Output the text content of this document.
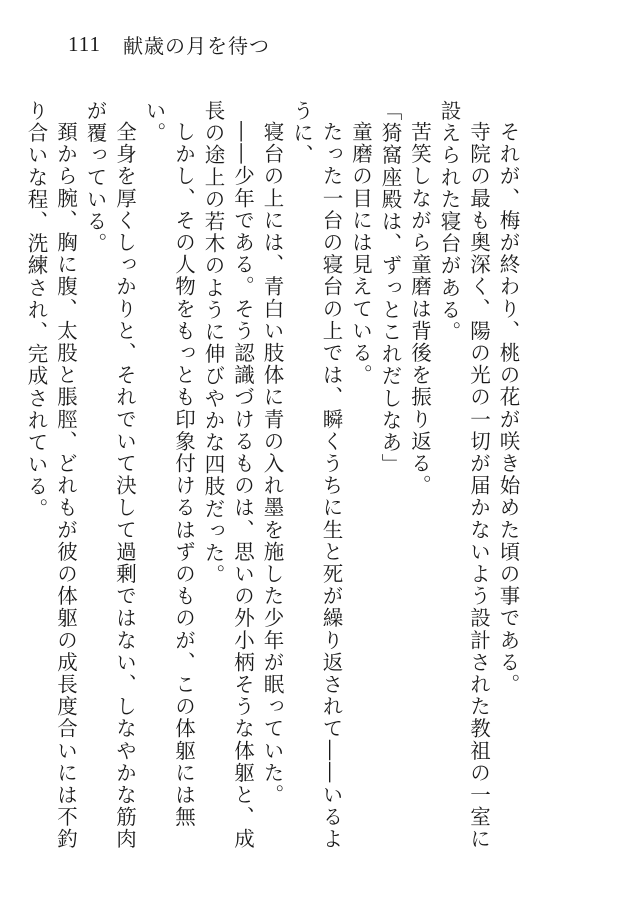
111 献歳の月を待つ

それが、梅が終わり、桃の花が咲き始めた頃の事である。

寺院の最も奥深く、陽の光の一切が届かないよう設計された教祖の一室に設えられた寝台がある。

苦笑しながら童磨は背後を振り返る。

「猗窩座殿は、ずっとこれだしなあ」

童磨の目には見えている。

たった一台の寝台の上では、瞬くうちに生と死が繰り返されて――いるように、

寝台の上には、青白い肢体に青の入れ墨を施した少年が眠っていた。

――少年である。そう認識づけるものは、思いの外小柄そうな体躯と、成長の途上の若木のように伸びやかな四肢だった。

しかし、その人物をもっとも印象付けるはずのものが、この体躯には無い。

全身を厚くしっかりと、それでいて決して過剰ではない、しなやかな筋肉が覆っている。

頚から腕、胸に腹、太股と脹脛、どれもが彼の体躯の成長度合いには不釣り合いな程、洗練され、完成されている。
